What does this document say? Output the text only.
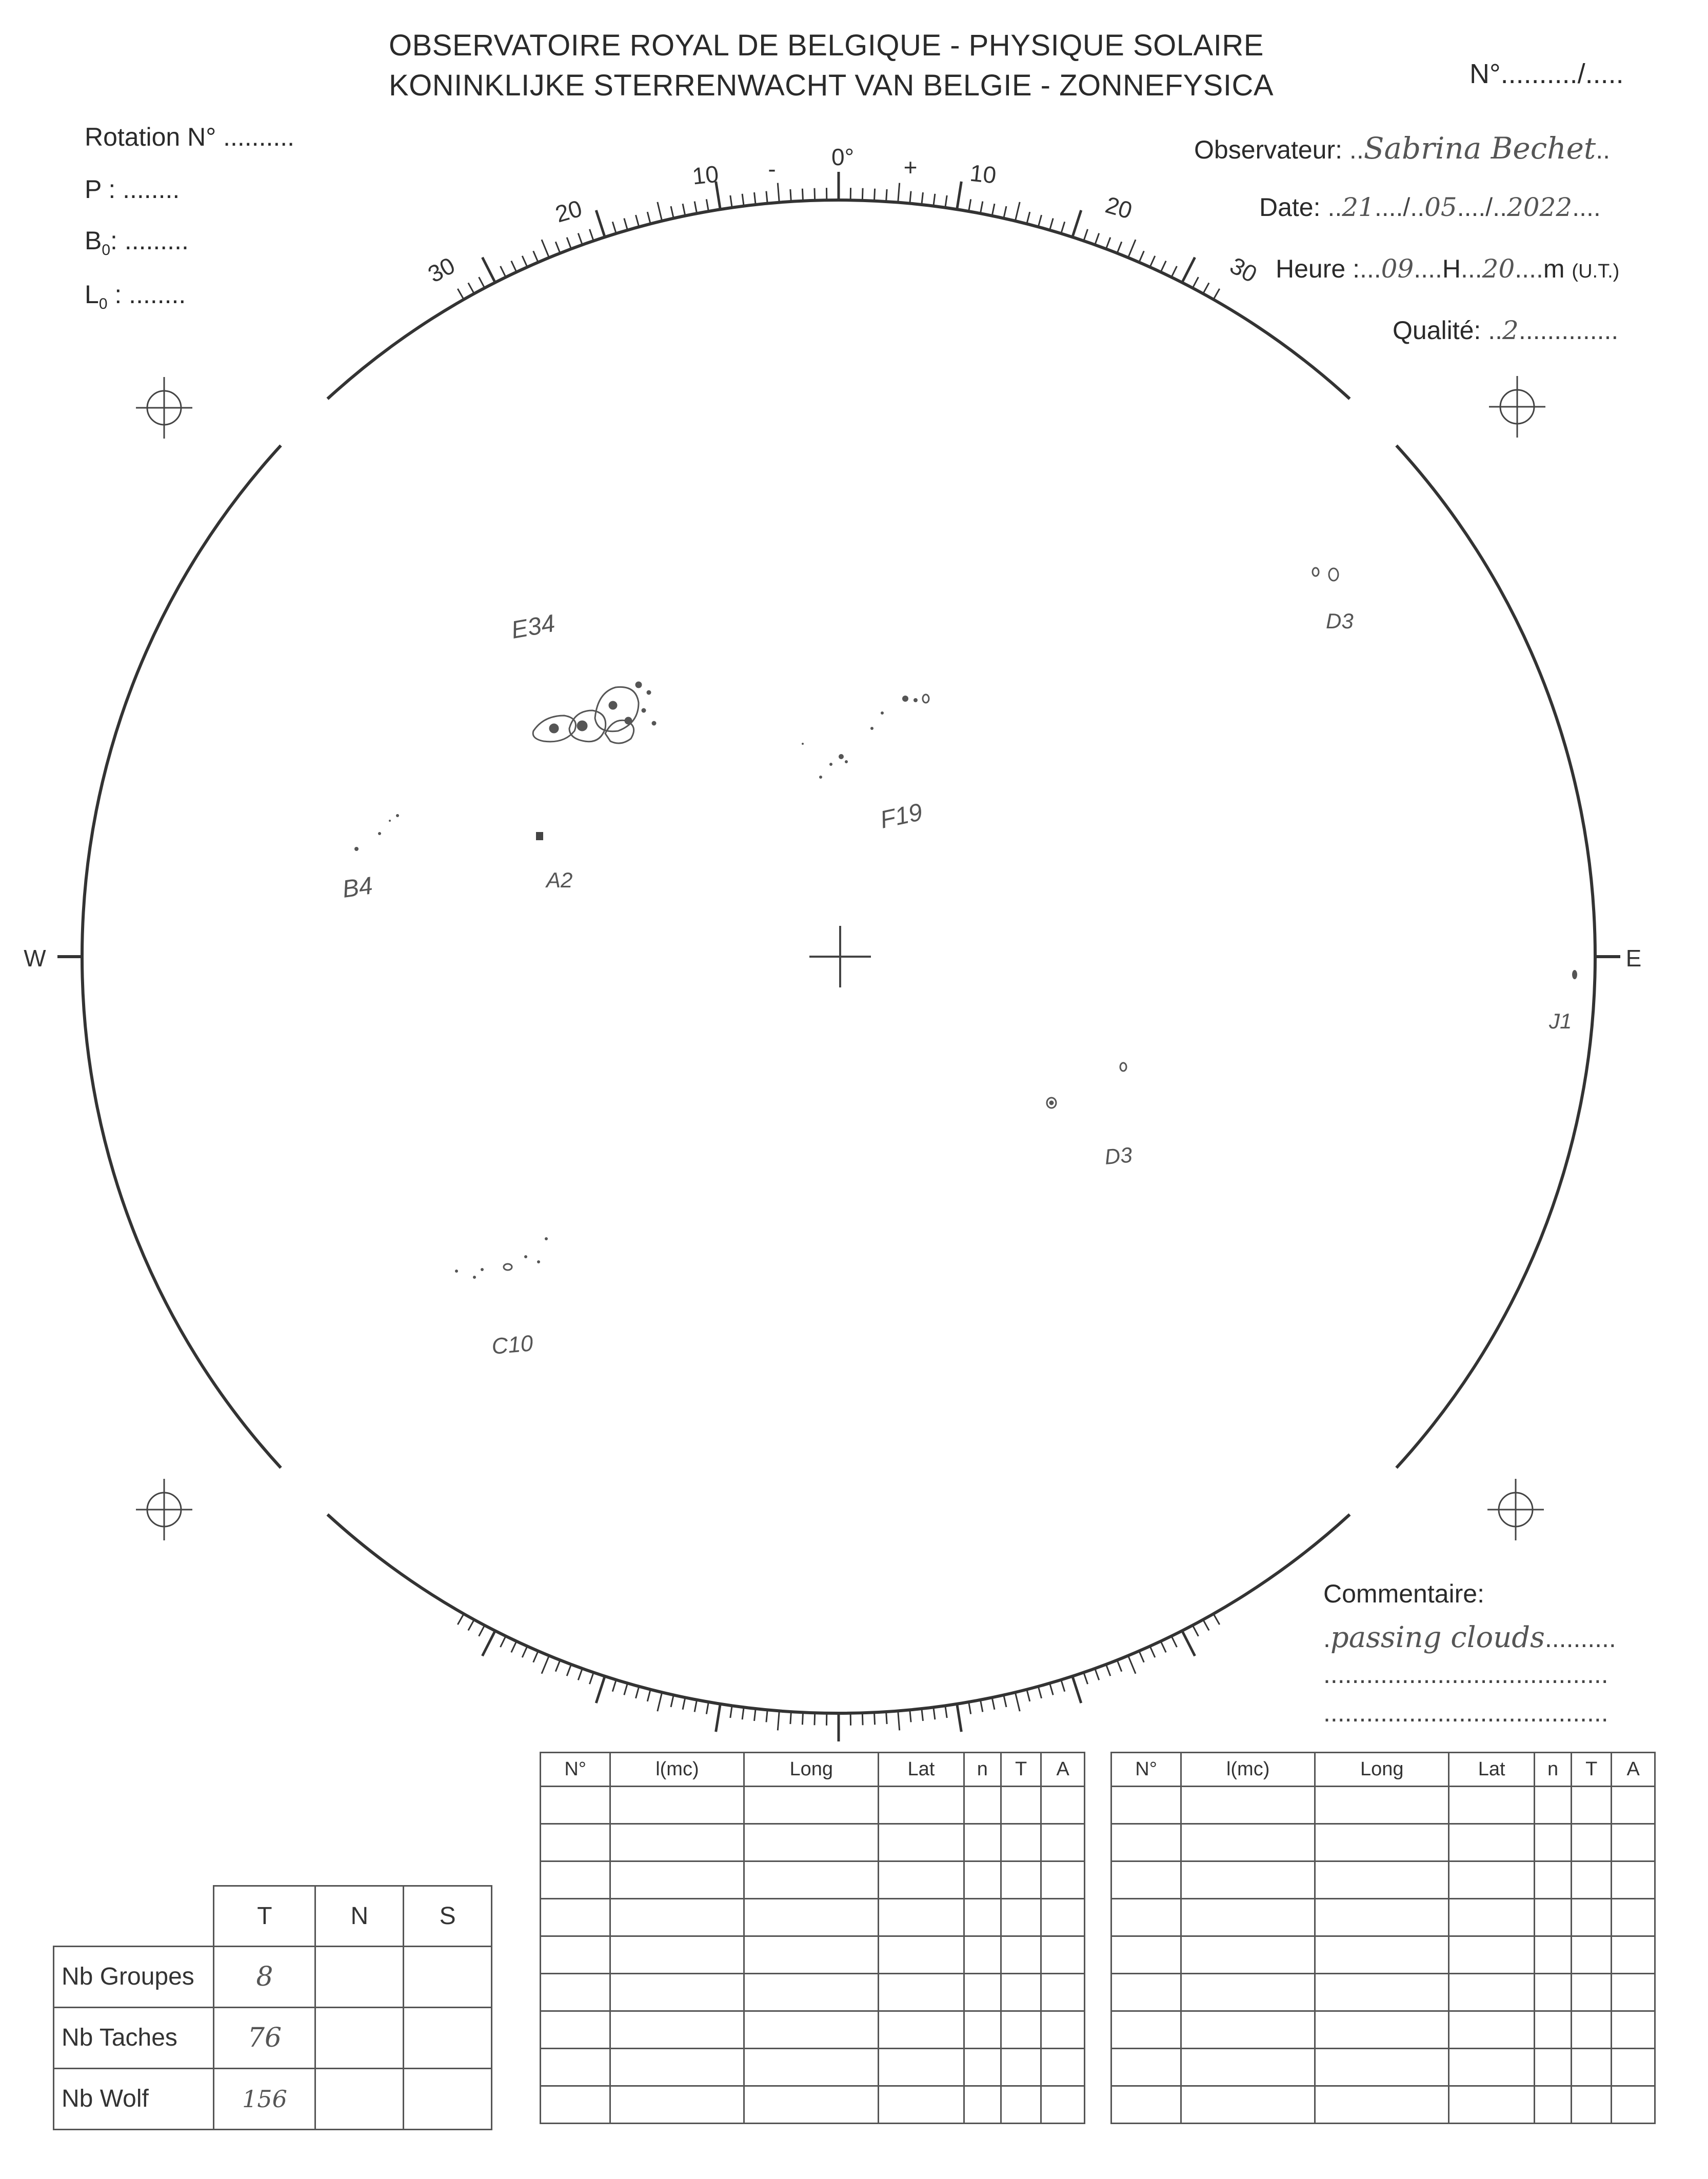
OBSERVATOIRE ROYAL DE BELGIQUE - PHYSIQUE SOLAIRE
KONINKLIJKE STERRENWACHT VAN BELGIE - ZONNEFYSICA	N°........../.....
Rotation N° ..........
P : ........
$B_0$: .........
$L_0$ : ........
Observateur: ..Sabrina Bechet..
Date: ..21..../..05..../..2022....
Heure :...09....H...20....m (U.T.)
Qualité: ..2..............
0°
-	+
10	10
20	20
30	30
W	E
E34	D3
F19
B4	A2
J1
D3
C10
Commentaire:
.passing clouds..........
........................................
........................................
N°	l(mc)	Long	Lat	n	T	A

							N°	l(mc)	Long	Lat	n	T	A

	T	N	S
Nb Groupes	8		
Nb Taches	76		
Nb Wolf	156		
